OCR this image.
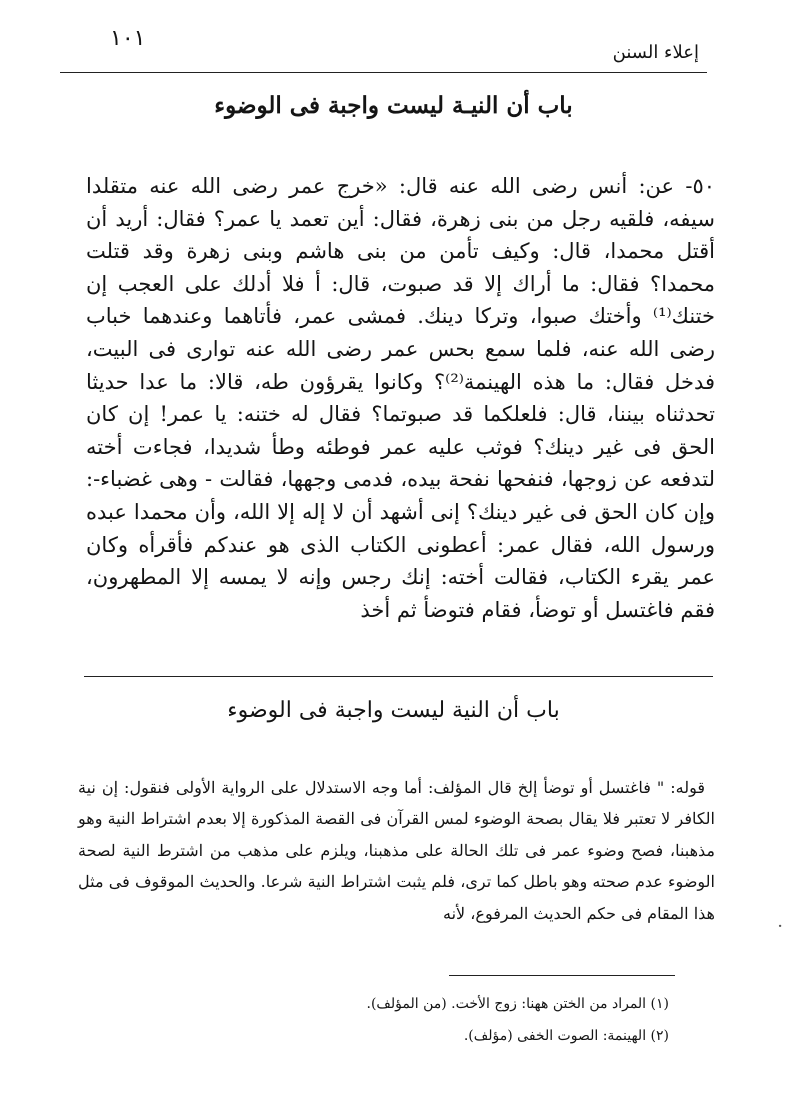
١٠١
إعلاء السنن
باب أن النيـة ليست واجبة فى الوضوء

٥٠- عن: أنس رضى الله عنه قال: «خرج عمر رضى الله عنه متقلدا سيفه، فلقيه رجل من بنى زهرة، فقال: أين تعمد يا عمر؟ فقال: أريد أن أقتل محمدا، قال: وكيف تأمن من بنى هاشم وبنى زهرة وقد قتلت محمدا؟ فقال: ما أراك إلا قد صبوت، قال: أ فلا أدلك على العجب إن ختنك⁽¹⁾ وأختك صبوا، وتركا دينك. فمشى عمر، فأتاهما وعندهما خباب رضى الله عنه، فلما سمع بحس عمر رضى الله عنه توارى فى البيت، فدخل فقال: ما هذه الهينمة⁽²⁾؟ وكانوا يقرؤون طه، قالا: ما عدا حديثا تحدثناه بيننا، قال: فلعلكما قد صبوتما؟ فقال له ختنه: يا عمر! إن كان الحق فى غير دينك؟ فوثب عليه عمر فوطئه وطأ شديدا، فجاءت أخته لتدفعه عن زوجها، فنفحها نفحة بيده، فدمى وجهها، فقالت - وهى غضباء-: وإن كان الحق فى غير دينك؟ إنى أشهد أن لا إله إلا الله، وأن محمدا عبده ورسول الله، فقال عمر: أعطونى الكتاب الذى هو عندكم فأقرأه وكان عمر يقرء الكتاب، فقالت أخته: إنك رجس وإنه لا يمسه إلا المطهرون، فقم فاغتسل أو توضأ، فقام فتوضأ ثم أخذ

باب أن النية ليست واجبة فى الوضوء

قوله: " فاغتسل أو توضأ إلخ قال المؤلف: أما وجه الاستدلال على الرواية الأولى فنقول: إن نية الكافر لا تعتبر فلا يقال بصحة الوضوء لمس القرآن فى القصة المذكورة إلا بعدم اشتراط النية وهو مذهبنا، فصح وضوء عمر فى تلك الحالة على مذهبنا، ويلزم على مذهب من اشترط النية لصحة الوضوء عدم صحته وهو باطل كما ترى، فلم يثبت اشتراط النية شرعا. والحديث الموقوف فى مثل هذا المقام فى حكم الحديث المرفوع، لأنه

(١) المراد من الختن ههنا: زوج الأخت. (من المؤلف).
(٢) الهينمة: الصوت الخفى (مؤلف).
·
